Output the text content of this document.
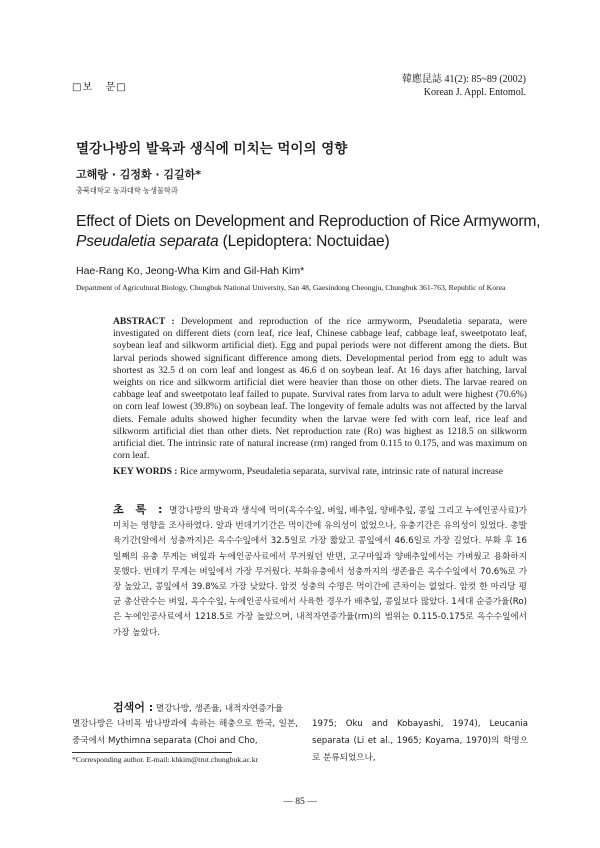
□보   문□
韓應昆誌 41(2): 85~89 (2002)
Korean J. Appl. Entomol.
멸강나방의 발육과 생식에 미치는 먹이의 영향
고해랑 · 김정화 · 김길하*
충북대학교 농과대학 농생물학과
Effect of Diets on Development and Reproduction of Rice Armyworm,
Pseudaletia separata (Lepidoptera: Noctuidae)
Hae-Rang Ko, Jeong-Wha Kim and Gil-Hah Kim*
Department of Agricultural Biology, Chungbuk National University, San 48, Gaesindong Cheongju, Chungbuk 361-763, Republic of Korea
ABSTRACT : Development and reproduction of the rice armyworm, Pseudaletia separata, were investigated on different diets (corn leaf, rice leaf, Chinese cabbage leaf, cabbage leaf, sweetpotato leaf, soybean leaf and silkworm artificial diet). Egg and pupal periods were not different among the diets. But larval periods showed significant difference among diets. Developmental period from egg to adult was shortest as 32.5 d on corn leaf and longest as 46.6 d on soybean leaf. At 16 days after hatching, larval weights on rice and silkworm artificial diet were heavier than those on other diets. The larvae reared on cabbage leaf and sweetpotato leaf failed to pupate. Survival rates from larva to adult were highest (70.6%) on corn leaf lowest (39.8%) on soybean leaf. The longevity of female adults was not affected by the larval diets. Female adults showed higher fecundity when the larvae were fed with corn leaf, rice leaf and silkworm artificial diet than other diets. Net reproduction rate (Ro) was highest as 1218.5 on silkworm artificial diet. The intrinsic rate of natural increase (rm) ranged from 0.115 to 0.175, and was maximum on corn leaf.
KEY WORDS : Rice armyworm, Pseudaletia separata, survival rate, intrinsic rate of natural increase
초 록 : 멸강나방의 발육과 생식에 먹이(옥수수잎, 벼잎, 배추잎, 양배추잎, 콩잎 그리고 누에인공사료)가 미치는 영향을 조사하였다. 알과 번데기기간은 먹이간에 유의성이 없었으나, 유충기간은 유의성이 있었다. 총발육기간(알에서 성충까지)은 옥수수잎에서 32.5일로 가장 짧았고 콩잎에서 46.6일로 가장 길었다. 부화 후 16일째의 유충 무게는 벼잎과 누에인공사료에서 무거웠던 반면, 고구마잎과 양배추잎에서는 가벼웠고 용화하지 못했다. 번데기 무게는 벼잎에서 가장 무거웠다. 부화유충에서 성충까지의 생존율은 옥수수잎에서 70.6%로 가장 높았고, 콩잎에서 39.8%로 가장 낮았다. 암컷 성충의 수명은 먹이간에 큰차이는 없었다. 암컷 한 마리당 평균 총산란수는 벼잎, 옥수수잎, 누에인공사료에서 사육한 경우가 배추잎, 콩잎보다 많았다. 1세대 순증가율(Ro)은 누에인공사료에서 1218.5로 가장 높았으며, 내적자연증가율(rm)의 범위는 0.115-0.175로 옥수수잎에서 가장 높았다.
검색어 : 멸강나방, 생존율, 내적자연증가율
멸강나방은 나비목 밤나방과에 속하는 해충으로 한국, 일본, 중국에서 Mythimna separata (Choi and Cho,
1975; Oku and Kobayashi, 1974), Leucania separata (Li et al., 1965; Koyama, 1970)의 학명으로 분류되었으나,
*Corresponding author. E-mail: khkim@trut.chungbuk.ac.kr
— 85 —
